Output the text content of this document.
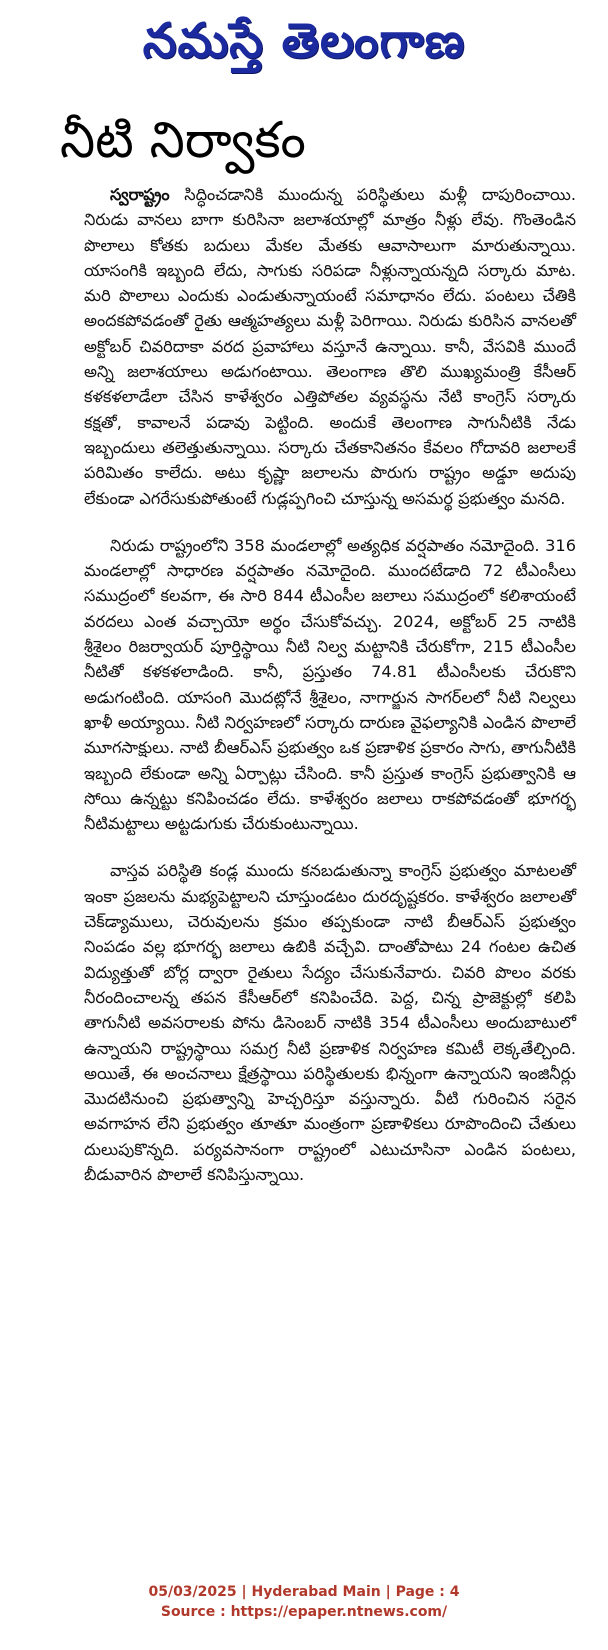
నమస్తే తెలంగాణ
నీటి నిర్వాకం

స్వరాష్ట్రం సిద్ధించడానికి ముందున్న పరిస్థితులు మళ్లీ దాపురించాయి. నిరుడు వానలు బాగా కురిసినా జలాశయాల్లో మాత్రం నీళ్లు లేవు. గొంతెండిన పొలాలు కోతకు బదులు మేకల మేతకు ఆవాసాలుగా మారుతున్నాయి. యాసంగికి ఇబ్బంది లేదు, సాగుకు సరిపడా నీళ్లున్నాయన్నది సర్కారు మాట. మరి పొలాలు ఎందుకు ఎండుతున్నాయంటే సమాధానం లేదు. పంటలు చేతికి అందకపోవడంతో రైతు ఆత్మహత్యలు మళ్లీ పెరిగాయి. నిరుడు కురిసిన వానలతో అక్టోబర్ చివరిదాకా వరద ప్రవాహాలు వస్తూనే ఉన్నాయి. కానీ, వేసవికి ముందే అన్ని జలాశయాలు అడుగంటాయి. తెలంగాణ తొలి ముఖ్యమంత్రి కేసీఆర్ కళకళలాడేలా చేసిన కాళేశ్వరం ఎత్తిపోతల వ్యవస్థను నేటి కాంగ్రెస్ సర్కారు కక్షతో, కావాలనే పడావు పెట్టింది. అందుకే తెలంగాణ సాగునీటికి నేడు ఇబ్బందులు తలెత్తుతున్నాయి. సర్కారు చేతకానితనం కేవలం గోదావరి జలాలకే పరిమితం కాలేదు. అటు కృష్ణా జలాలను పొరుగు రాష్ట్రం అడ్డూ అదుపు లేకుండా ఎగరేసుకుపోతుంటే గుడ్లప్పగించి చూస్తున్న అసమర్థ ప్రభుత్వం మనది.

నిరుడు రాష్ట్రంలోని 358 మండలాల్లో అత్యధిక వర్షపాతం నమోదైంది. 316 మండలాల్లో సాధారణ వర్షపాతం నమోదైంది. ముందటేడాది 72 టీఎంసీలు సముద్రంలో కలవగా, ఈ సారి 844 టీఎంసీల జలాలు సముద్రంలో కలిశాయంటే వరదలు ఎంత వచ్చాయో అర్థం చేసుకోవచ్చు. 2024, అక్టోబర్ 25 నాటికి శ్రీశైలం రిజర్వాయర్ పూర్తిస్థాయి నీటి నిల్వ మట్టానికి చేరుకోగా, 215 టీఎంసీల నీటితో కళకళలాడింది. కానీ, ప్రస్తుతం 74.81 టీఎంసీలకు చేరుకొని అడుగంటింది. యాసంగి మొదట్లోనే శ్రీశైలం, నాగార్జున సాగర్‌లలో నీటి నిల్వలు ఖాళీ అయ్యాయి. నీటి నిర్వహణలో సర్కారు దారుణ వైఫల్యానికి ఎండిన పొలాలే మూగసాక్షులు. నాటి బీఆర్ఎస్ ప్రభుత్వం ఒక ప్రణాళిక ప్రకారం సాగు, తాగునీటికి ఇబ్బంది లేకుండా అన్ని ఏర్పాట్లు చేసింది. కానీ ప్రస్తుత కాంగ్రెస్ ప్రభుత్వానికి ఆ సోయి ఉన్నట్టు కనిపించడం లేదు. కాళేశ్వరం జలాలు రాకపోవడంతో భూగర్భ నీటిమట్టాలు అట్టడుగుకు చేరుకుంటున్నాయి.

వాస్తవ పరిస్థితి కండ్ల ముందు కనబడుతున్నా కాంగ్రెస్ ప్రభుత్వం మాటలతో ఇంకా ప్రజలను మభ్యపెట్టాలని చూస్తుండటం దురదృష్టకరం. కాళేశ్వరం జలాలతో చెక్‌డ్యాములు, చెరువులను క్రమం తప్పకుండా నాటి బీఆర్ఎస్ ప్రభుత్వం నింపడం వల్ల భూగర్భ జలాలు ఉబికి వచ్చేవి. దాంతోపాటు 24 గంటల ఉచిత విద్యుత్తుతో బోర్ల ద్వారా రైతులు సేద్యం చేసుకునేవారు. చివరి పొలం వరకు నీరందించాలన్న తపన కేసీఆర్‌లో కనిపించేది. పెద్ద, చిన్న ప్రాజెక్టుల్లో కలిపి తాగునీటి అవసరాలకు పోను డిసెంబర్ నాటికి 354 టీఎంసీలు అందుబాటులో ఉన్నాయని రాష్ట్రస్థాయి సమగ్ర నీటి ప్రణాళిక నిర్వహణ కమిటీ లెక్కతేల్చింది. అయితే, ఈ అంచనాలు క్షేత్రస్థాయి పరిస్థితులకు భిన్నంగా ఉన్నాయని ఇంజినీర్లు మొదటినుంచి ప్రభుత్వాన్ని హెచ్చరిస్తూ వస్తున్నారు. వీటి గురించిన సరైన అవగాహన లేని ప్రభుత్వం తూతూ మంత్రంగా ప్రణాళికలు రూపొందించి చేతులు దులుపుకొన్నది. పర్యవసానంగా రాష్ట్రంలో ఎటుచూసినా ఎండిన పంటలు, బీడువారిన పొలాలే కనిపిస్తున్నాయి.

05/03/2025 | Hyderabad Main | Page : 4
Source : https://epaper.ntnews.com/
